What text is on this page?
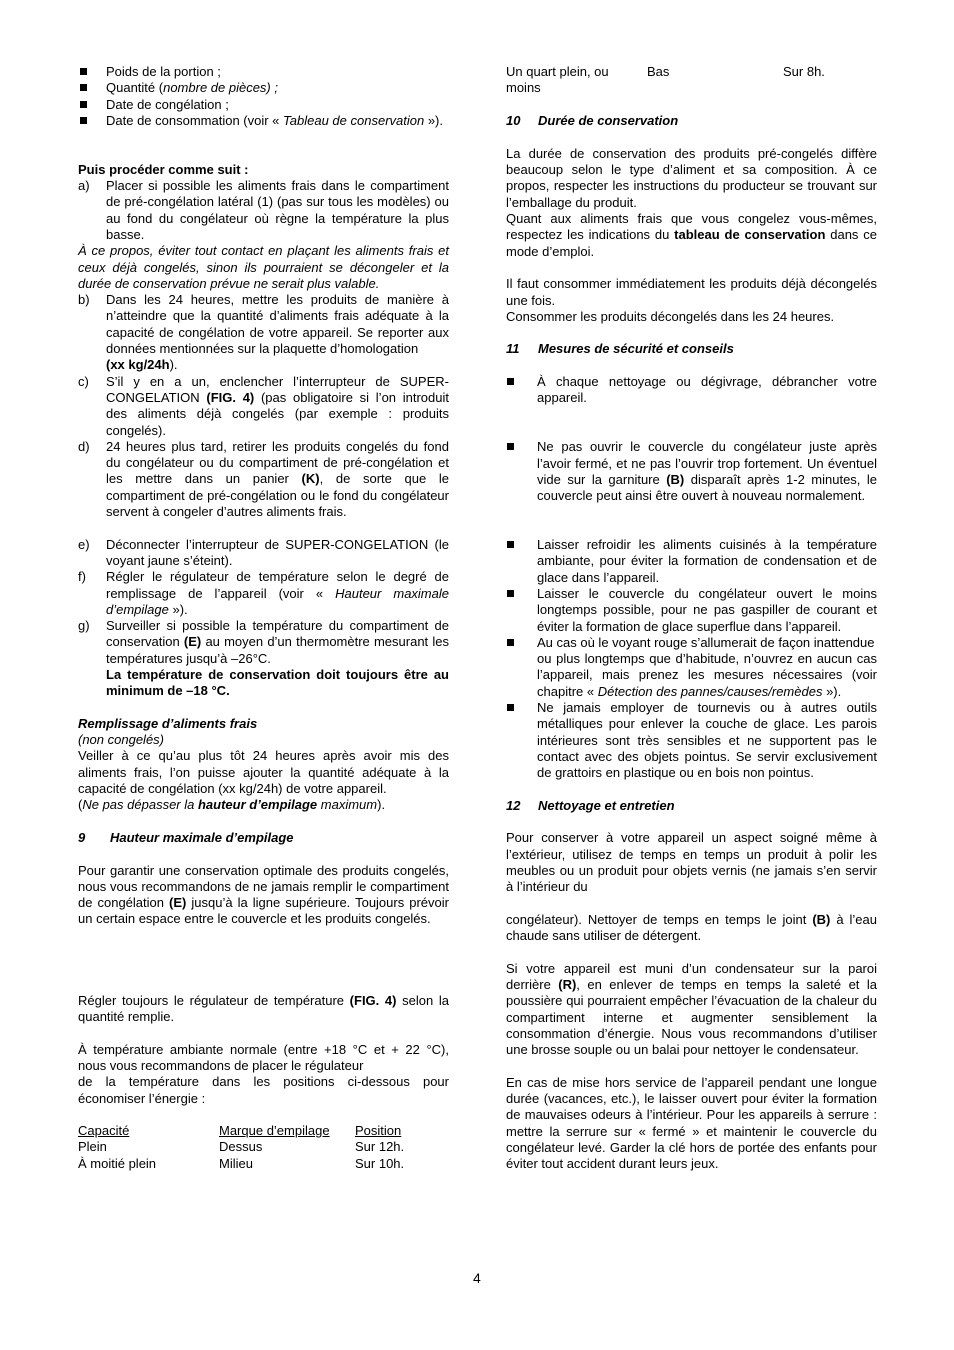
Poids de la portion ;
Quantité (nombre de pièces) ;
Date de congélation ;
Date de consommation (voir « Tableau de conservation »).

Puis procéder comme suit :

a) Placer si possible les aliments frais dans le compartiment de pré-congélation latéral (1) (pas sur tous les modèles) ou au fond du congélateur où règne la température la plus basse.

À ce propos, éviter tout contact en plaçant les aliments frais et ceux déjà congelés, sinon ils pourraient se décongeler et la durée de conservation prévue ne serait plus valable.

b) Dans les 24 heures, mettre les produits de manière à n’atteindre que la quantité d’aliments frais adéquate à la capacité de congélation de votre appareil. Se reporter aux données mentionnées sur la plaquette d’homologation
(xx kg/24h).
c) S’il y en a un, enclencher l’interrupteur de SUPER-CONGELATION (FIG. 4) (pas obligatoire si l’on introduit des aliments déjà congelés (par exemple : produits congelés).
d) 24 heures plus tard, retirer les produits congelés du fond du congélateur ou du compartiment de pré-congélation et les mettre dans un panier (K), de sorte que le compartiment de pré-congélation ou le fond du congélateur servent à congeler d’autres aliments frais.
e) Déconnecter l’interrupteur de SUPER-CONGELATION (le voyant jaune s’éteint).
f) Régler le régulateur de température selon le degré de remplissage de l’appareil (voir « Hauteur maximale d’empilage »).
g) Surveiller si possible la température du compartiment de conservation (E) au moyen d’un thermomètre mesurant les températures jusqu’à –26°C.
La température de conservation doit toujours être au minimum de –18 °C.

Remplissage d’aliments frais

(non congelés)

Veiller à ce qu’au plus tôt 24 heures après avoir mis des aliments frais, l’on puisse ajouter la quantité adéquate à la capacité de congélation (xx kg/24h) de votre appareil.
(Ne pas dépasser la hauteur d’empilage maximum).

9 Hauteur maximale d’empilage

Pour garantir une conservation optimale des produits congelés, nous vous recommandons de ne jamais remplir le compartiment de congélation (E) jusqu’à la ligne supérieure. Toujours prévoir un certain espace entre le couvercle et les produits congelés.

Régler toujours le régulateur de température (FIG. 4) selon la quantité remplie.

À température ambiante normale (entre +18 °C et + 22 °C), nous vous recommandons de placer le régulateur
de la température dans les positions ci-dessous pour économiser l’énergie :

Capacité	Marque d’empilage Position
Plein	Dessus	Sur 12h.
À moitié plein	Milieu	Sur 10h.
Un quart plein, ou
moins
Bas	Sur 8h.

10 Durée de conservation

La durée de conservation des produits pré-congelés diffère beaucoup selon le type d’aliment et sa composition. À ce propos, respecter les instructions du producteur se trouvant sur l’emballage du produit.

Quant aux aliments frais que vous congelez vous-mêmes, respectez les indications du tableau de conservation dans ce mode d’emploi.

Il faut consommer immédiatement les produits déjà décongelés une fois.

Consommer les produits décongelés dans les 24 heures.

11 Mesures de sécurité et conseils

À chaque nettoyage ou dégivrage, débrancher votre appareil.
Ne pas ouvrir le couvercle du congélateur juste après l’avoir fermé, et ne pas l’ouvrir trop fortement. Un éventuel vide sur la garniture (B) disparaît après 1-2 minutes, le couvercle peut ainsi être ouvert à nouveau normalement.
Laisser refroidir les aliments cuisinés à la température ambiante, pour éviter la formation de condensation et de glace dans l’appareil.
Laisser le couvercle du congélateur ouvert le moins longtemps possible, pour ne pas gaspiller de courant et éviter la formation de glace superflue dans l’appareil.
Au cas où le voyant rouge s’allumerait de façon inattendue
ou plus longtemps que d’habitude, n’ouvrez en aucun cas l’appareil, mais prenez les mesures nécessaires (voir chapitre « Détection des pannes/causes/remèdes »).
Ne jamais employer de tournevis ou à autres outils métalliques pour enlever la couche de glace. Les parois intérieures sont très sensibles et ne supportent pas le contact avec des objets pointus. Se servir exclusivement de grattoirs en plastique ou en bois non pointus.

12 Nettoyage et entretien

Pour conserver à votre appareil un aspect soigné même à l’extérieur, utilisez de temps en temps un produit à polir les meubles ou un produit pour objets vernis (ne jamais s’en servir à l’intérieur du

congélateur). Nettoyer de temps en temps le joint (B) à l’eau chaude sans utiliser de détergent.

Si votre appareil est muni d’un condensateur sur la paroi derrière (R), en enlever de temps en temps la saleté et la poussière qui pourraient empêcher l’évacuation de la chaleur du compartiment interne et augmenter sensiblement la consommation d’énergie. Nous vous recommandons d’utiliser une brosse souple ou un balai pour nettoyer le condensateur.

En cas de mise hors service de l’appareil pendant une longue durée (vacances, etc.), le laisser ouvert pour éviter la formation de mauvaises odeurs à l’intérieur. Pour les appareils à serrure : mettre la serrure sur « fermé » et maintenir le couvercle du congélateur levé. Garder la clé hors de portée des enfants pour éviter tout accident durant leurs jeux.

4
